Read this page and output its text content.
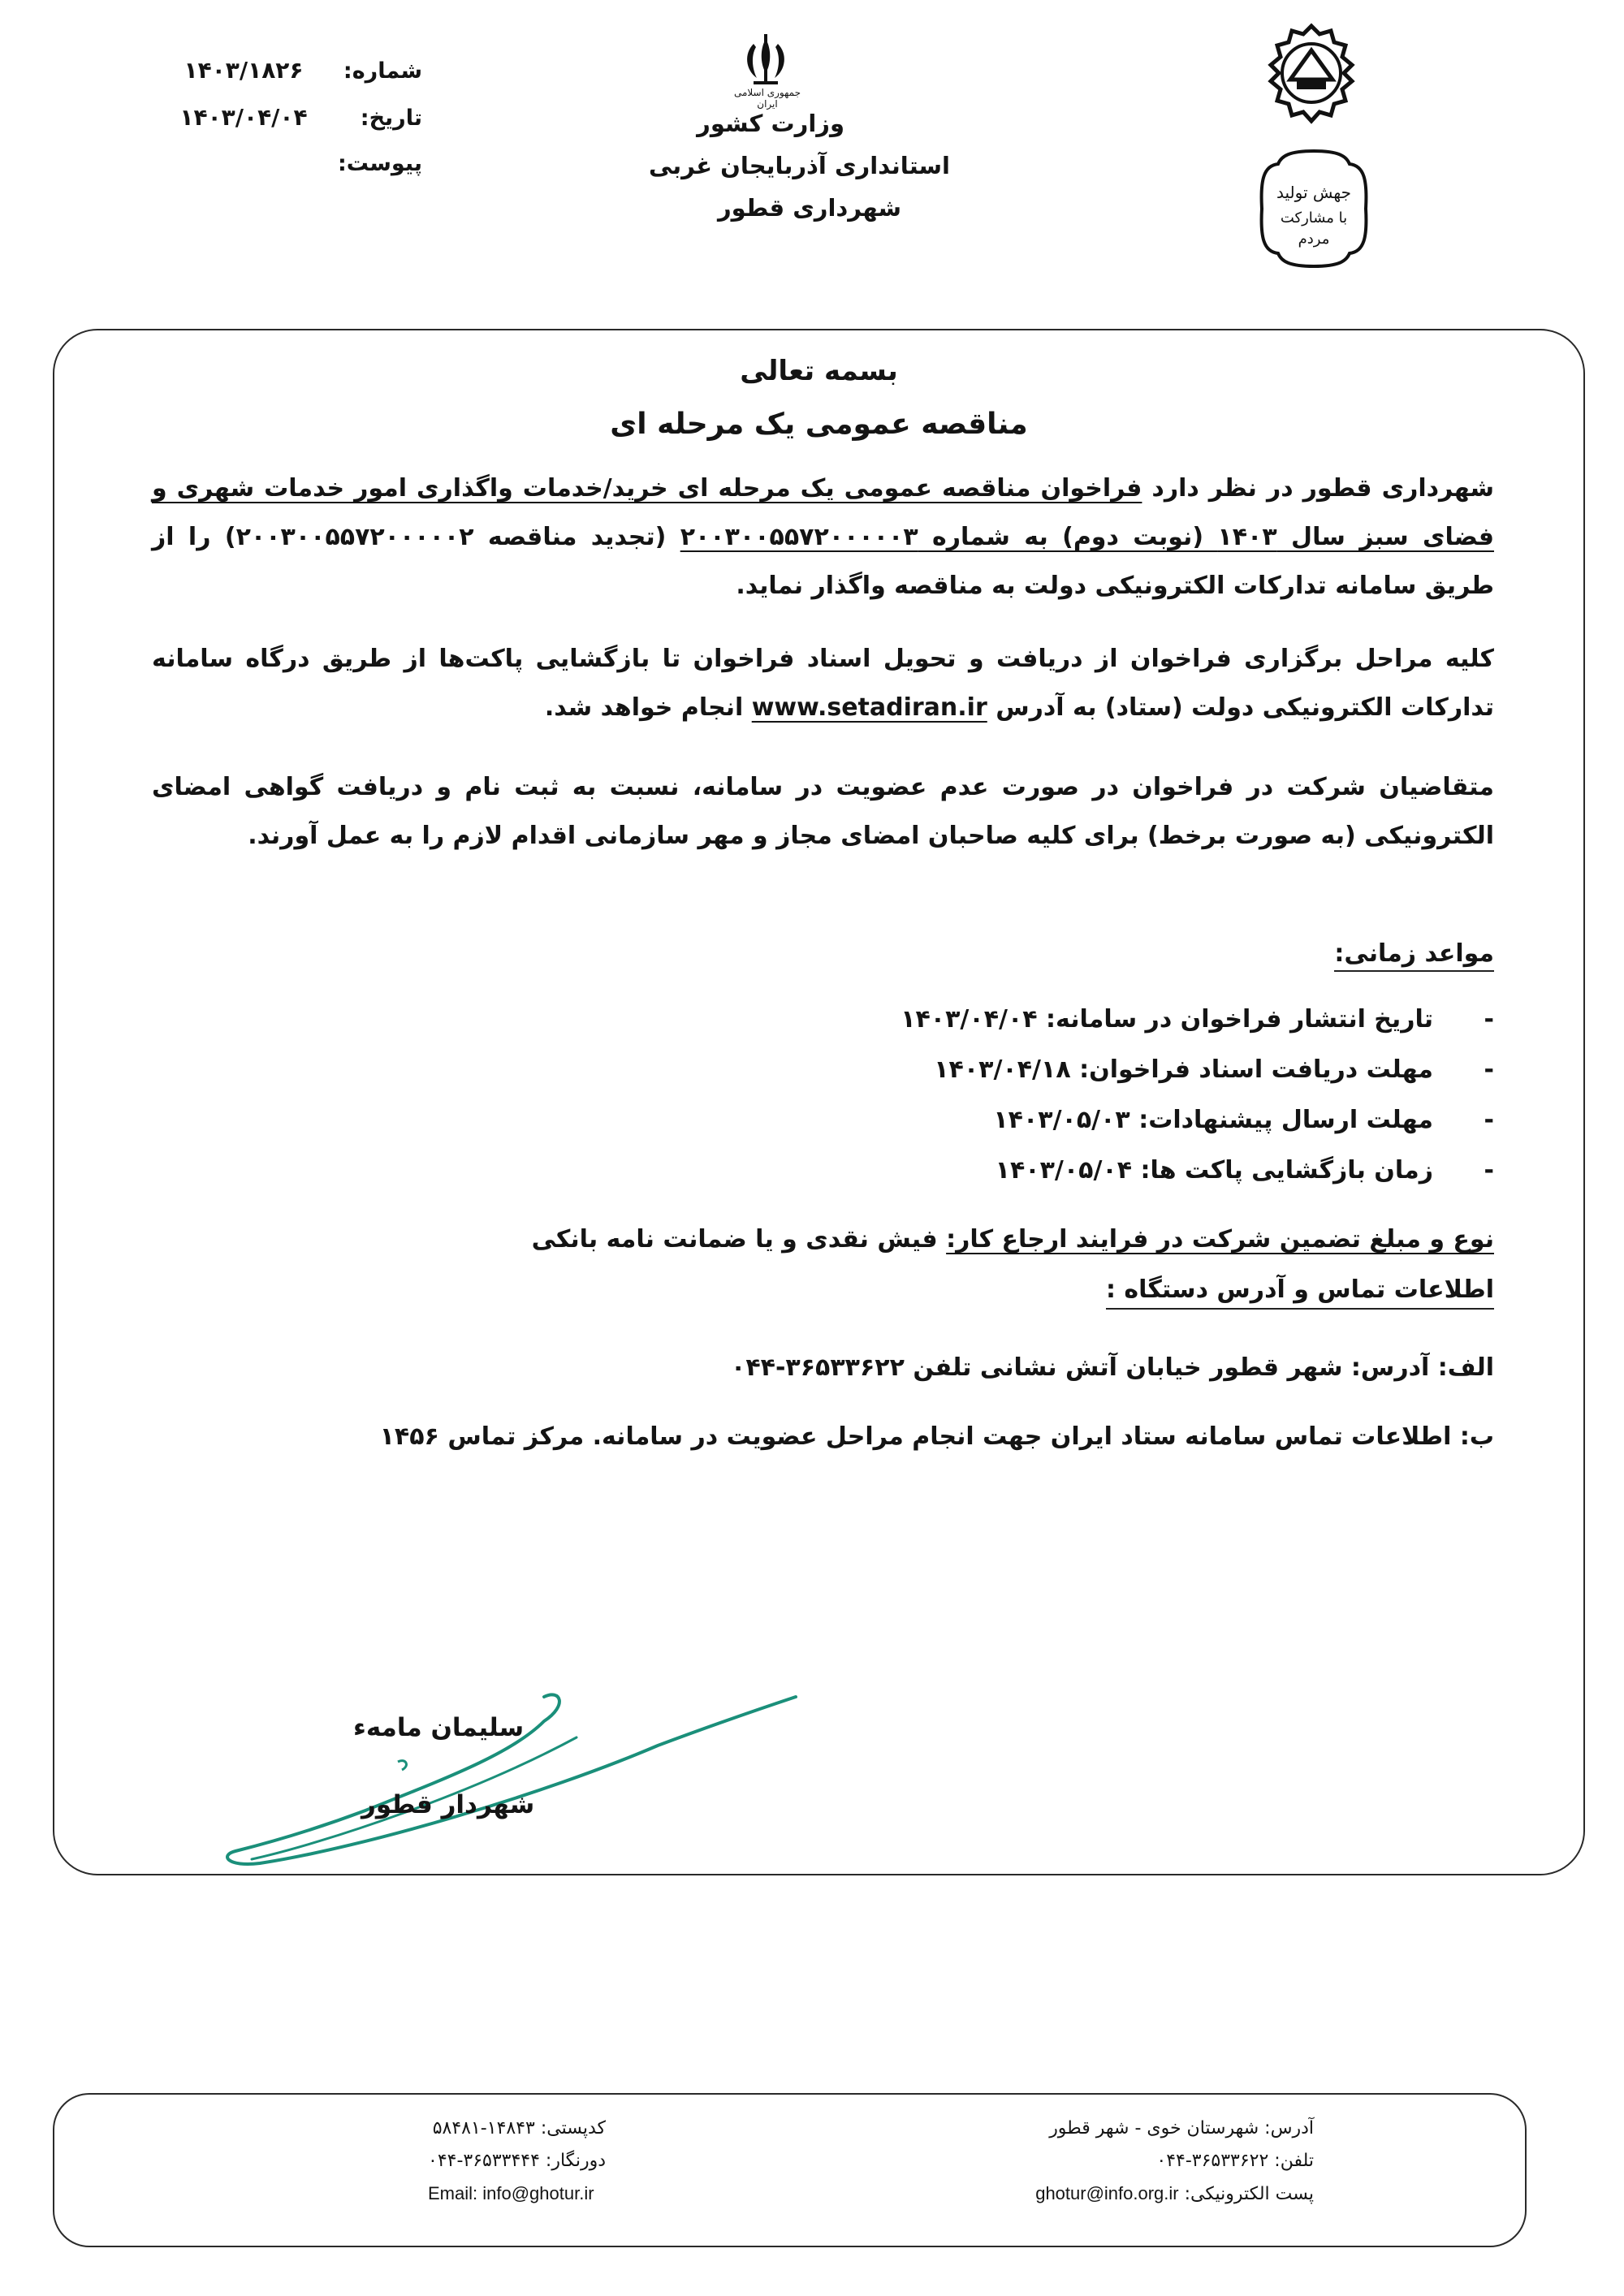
شماره:
۱۴۰۳/۱۸۲۶
تاریخ:
۱۴۰۳/۰۴/۰۴
پیوست:
جمهوری اسلامی ایران
وزارت کشور
استانداری آذربایجان غربی
شهرداری قطور
جهش تولید
با مشارکت
مردم
بسمه تعالی
مناقصه عمومی یک مرحله ای

شهرداری قطور در نظر دارد فراخوان مناقصه عمومی یک مرحله ای خرید/خدمات واگذاری امور خدمات شهری و فضای سبز سال ۱۴۰۳ (نوبت دوم) به شماره ۲۰۰۳۰۰۵۵۷۲۰۰۰۰۰۳ (تجدید مناقصه ۲۰۰۳۰۰۵۵۷۲۰۰۰۰۰۲) را از طریق سامانه تدارکات الکترونیکی دولت به مناقصه واگذار نماید.

کلیه مراحل برگزاری فراخوان از دریافت و تحویل اسناد فراخوان تا بازگشایی پاکت‌ها از طریق درگاه سامانه تدارکات الکترونیکی دولت (ستاد) به آدرس www.setadiran.ir انجام خواهد شد.

متقاضیان شرکت در فراخوان در صورت عدم عضویت در سامانه، نسبت به ثبت نام و دریافت گواهی امضای الکترونیکی (به صورت برخط) برای کلیه صاحبان امضای مجاز و مهر سازمانی اقدام لازم را به عمل آورند.

مواعد زمانی:
- تاریخ انتشار فراخوان در سامانه: ۱۴۰۳/۰۴/۰۴
- مهلت دریافت اسناد فراخوان: ۱۴۰۳/۰۴/۱۸
- مهلت ارسال پیشنهادات: ۱۴۰۳/۰۵/۰۳
- زمان بازگشایی پاکت ها: ۱۴۰۳/۰۵/۰۴
نوع و مبلغ تضمین شرکت در فرایند ارجاع کار: فیش نقدی و یا ضمانت نامه بانکی
اطلاعات تماس و آدرس دستگاه :
الف: آدرس: شهر قطور خیابان آتش نشانی تلفن ۳۶۵۳۳۶۲۲-۰۴۴
ب: اطلاعات تماس سامانه ستاد ایران جهت انجام مراحل عضویت در سامانه. مرکز تماس ۱۴۵۶
سلیمان مامهء
شهردار قطور
آدرس: شهرستان خوی - شهر قطور
تلفن: ۳۶۵۳۳۶۲۲-۰۴۴
پست الکترونیکی: ghotur@info.org.ir
کدپستی: ۱۴۸۴۳-۵۸۴۸۱
دورنگار: ۳۶۵۳۳۴۴۴-۰۴۴
Email: info@ghotur.ir
